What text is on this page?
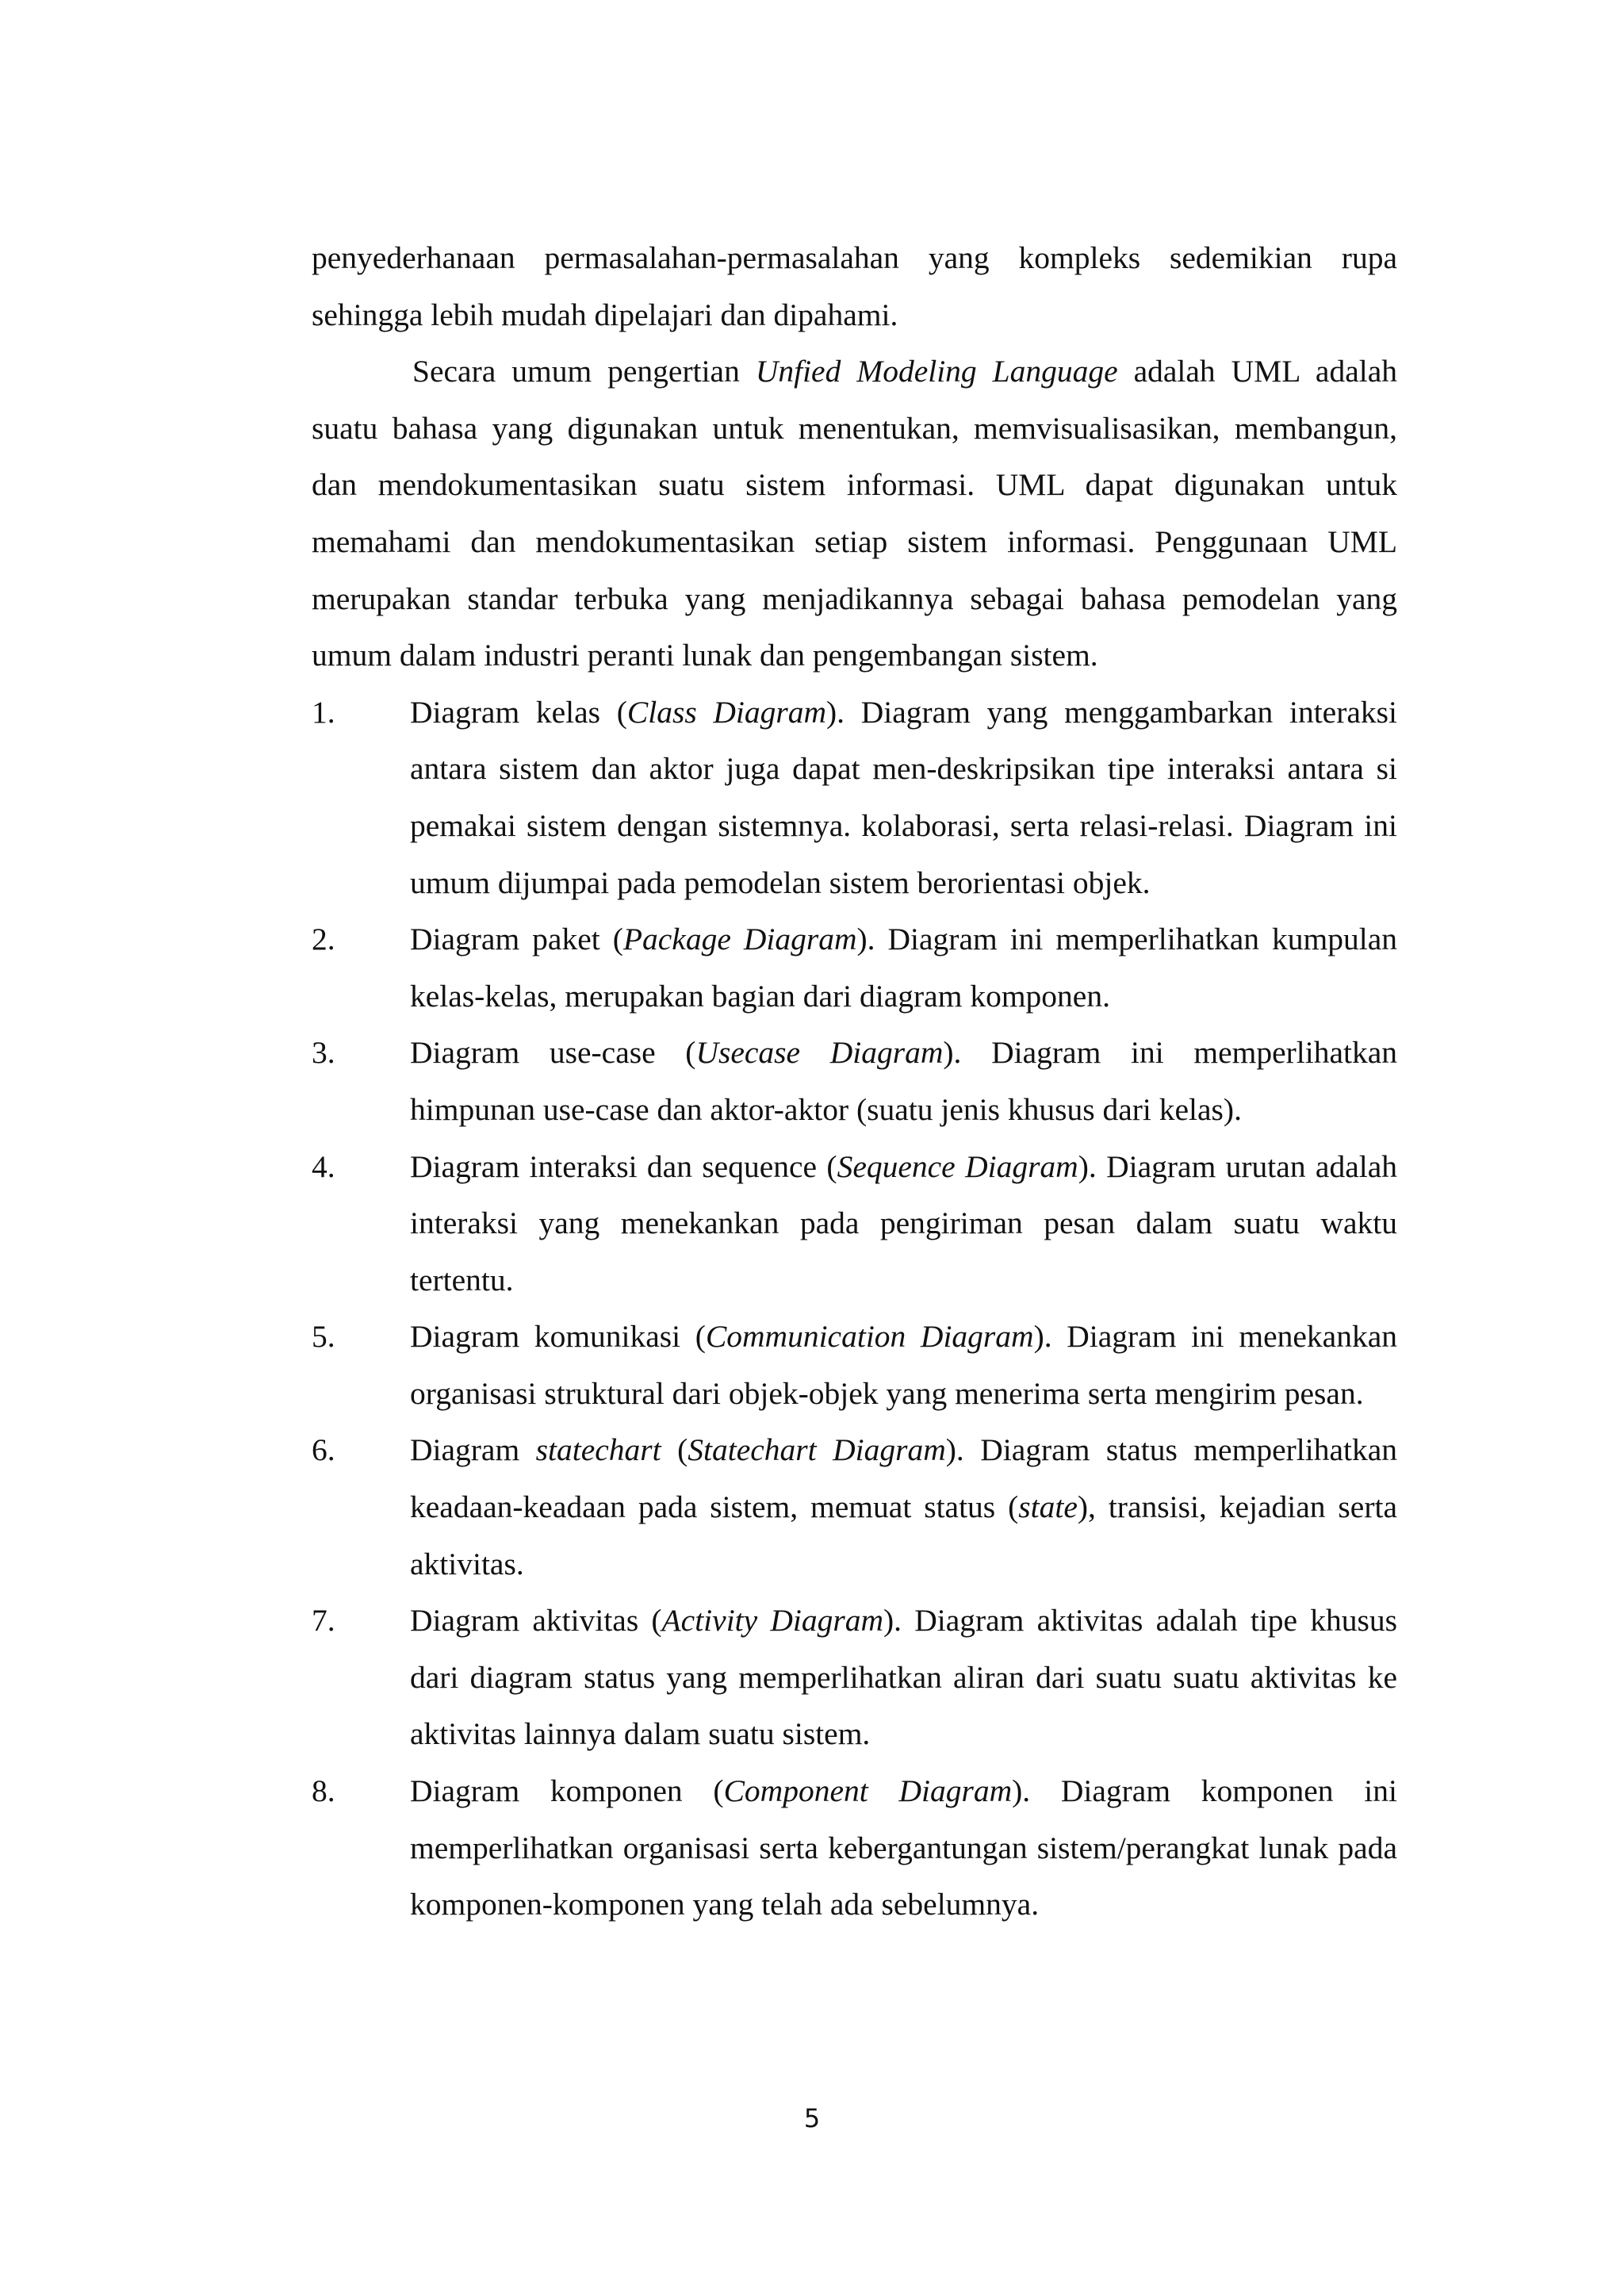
penyederhanaan permasalahan-permasalahan yang kompleks sedemikian rupa sehingga lebih mudah dipelajari dan dipahami.

Secara umum pengertian Unfied Modeling Language adalah UML adalah suatu bahasa yang digunakan untuk menentukan, memvisualisasikan, membangun, dan mendokumentasikan suatu sistem informasi. UML dapat digunakan untuk memahami dan mendokumentasikan setiap sistem informasi. Penggunaan UML merupakan standar terbuka yang menjadikannya sebagai bahasa pemodelan yang umum dalam industri peranti lunak dan pengembangan sistem.

1. Diagram kelas (Class Diagram). Diagram yang menggambarkan interaksi antara sistem dan aktor juga dapat men-deskripsikan tipe interaksi antara si pemakai sistem dengan sistemnya. kolaborasi, serta relasi-relasi. Diagram ini umum dijumpai pada pemodelan sistem berorientasi objek.
2. Diagram paket (Package Diagram). Diagram ini memperlihatkan kumpulan kelas-kelas, merupakan bagian dari diagram komponen.
3. Diagram use-case (Usecase Diagram). Diagram ini memperlihatkan himpunan use-case dan aktor-aktor (suatu jenis khusus dari kelas).
4. Diagram interaksi dan sequence (Sequence Diagram). Diagram urutan adalah interaksi yang menekankan pada pengiriman pesan dalam suatu waktu tertentu.
5. Diagram komunikasi (Communication Diagram). Diagram ini menekankan organisasi struktural dari objek-objek yang menerima serta mengirim pesan.
6. Diagram statechart (Statechart Diagram). Diagram status memperlihatkan keadaan-keadaan pada sistem, memuat status (state), transisi, kejadian serta aktivitas.
7. Diagram aktivitas (Activity Diagram). Diagram aktivitas adalah tipe khusus dari diagram status yang memperlihatkan aliran dari suatu suatu aktivitas ke aktivitas lainnya dalam suatu sistem.
8. Diagram komponen (Component Diagram). Diagram komponen ini memperlihatkan organisasi serta kebergantungan sistem/perangkat lunak pada komponen-komponen yang telah ada sebelumnya.
5
